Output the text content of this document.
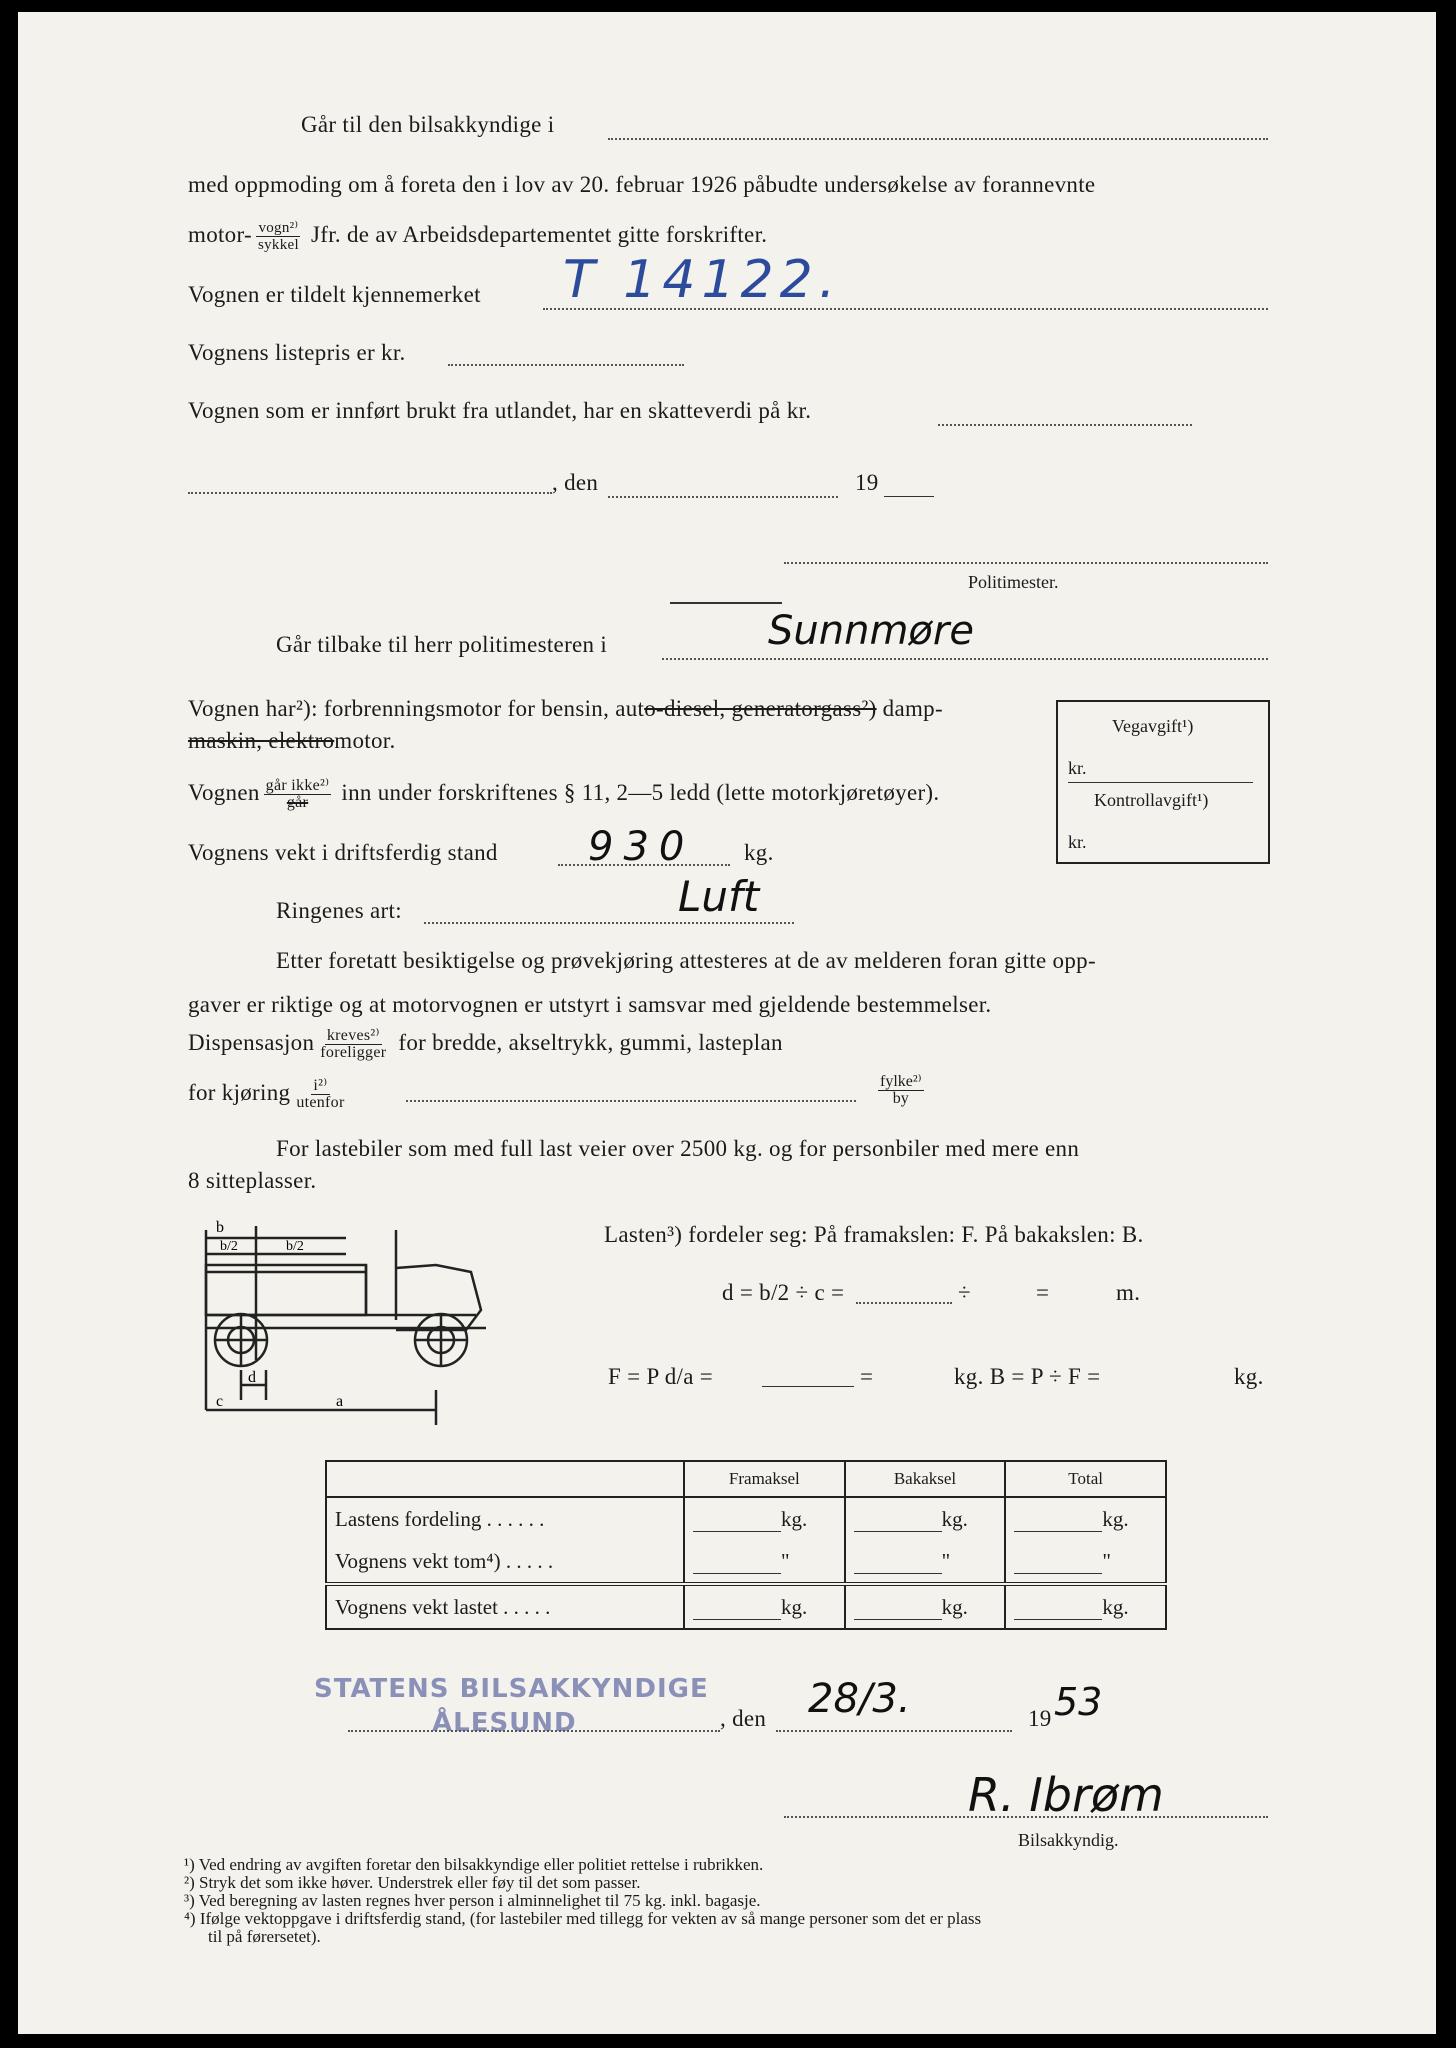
Går til den bilsakkyndige i
med oppmoding om å foreta den i lov av 20. februar 1926 påbudte undersøkelse av forannevnte
motor- $\frac{\text{vogn²⁾}}{\text{sykkel}}$ Jfr. de av Arbeidsdepartementet gitte forskrifter.
Vognen er tildelt kjennemerket T 14122.
Vognens listepris er kr.
Vognen som er innført brukt fra utlandet, har en skatteverdi på kr.
, den	19
Politimester.
Går tilbake til herr politimesteren i	Sunnmøre
Vognen har²): forbrenningsmotor for bensin, auto-diesel, generatorgass²) damp-
maskin, elektromotor.
Vognen $\frac{\text{går ikke²⁾}}{\text{går}}$ inn under forskriftenes § 11, 2—5 ledd (lette motorkjøretøyer).
Vognens vekt i driftsferdig stand 930 kg.
Ringenes art:	Luft
Etter foretatt besiktigelse og prøvekjøring attesteres at de av melderen foran gitte opp-
gaver er riktige og at motorvognen er utstyrt i samsvar med gjeldende bestemmelser.
Dispensasjon $\frac{\text{kreves²⁾}}{\text{foreligger}}$ for bredde, akseltrykk, gummi, lasteplan
for kjøring $\frac{\text{i²⁾}}{\text{utenfor}}$	$\frac{\text{fylke²⁾}}{by}$
Vegavgift¹)
kr.
Kontrollavgift¹)
kr.
For lastebiler som med full last veier over 2500 kg. og for personbiler med mere enn
8 sitteplasser.
b
b/2	b/2
d
c	a
Lasten³) fordeler seg: På framakslen: F. På bakakslen: B.
d = b/2 ÷ c =	÷	=	m.
F = P d/a =	=	kg. B = P ÷ F =	kg.
	Framaksel	Bakaksel	Total
Lastens fordeling . . . . . .	kg.	kg.	kg.
Vognens vekt tom⁴) . . . . .	"	"	"
Vognens vekt lastet . . . . .	kg.	kg.	kg.
STATENS BILSAKKYNDIGE
ÅLESUND	, den 28/3.	19 53
R. Ibrøm
Bilsakkyndig.
¹) Ved endring av avgiften foretar den bilsakkyndige eller politiet rettelse i rubrikken.
²) Stryk det som ikke høver. Understrek eller føy til det som passer.
³) Ved beregning av lasten regnes hver person i alminnelighet til 75 kg. inkl. bagasje.
⁴) Ifølge vektoppgave i driftsferdig stand, (for lastebiler med tillegg for vekten av så mange personer som det er plass
til på førersetet).
